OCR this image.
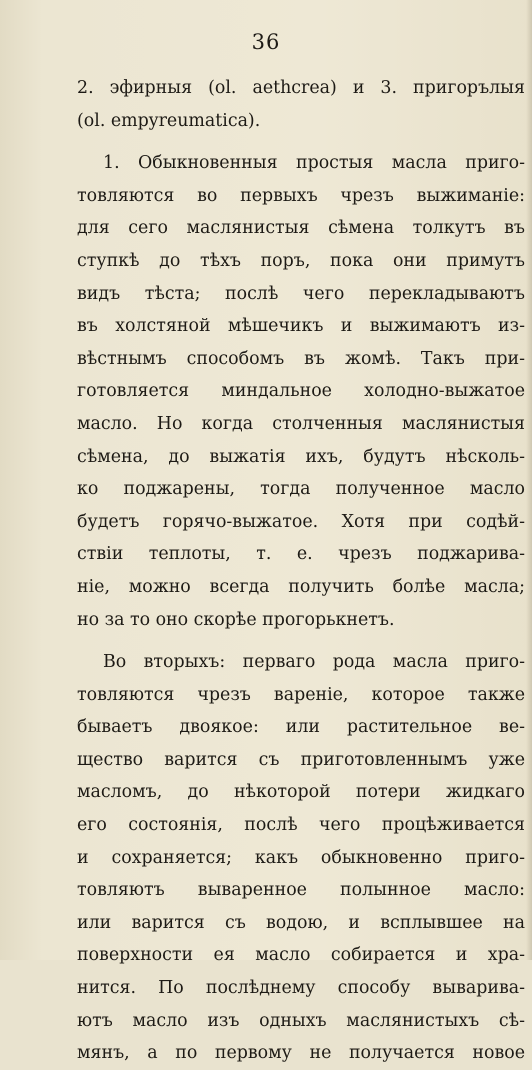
36
2. эфирныя (ol. aethcrea) и 3. пригорълыя
(ol. empyreumatica).
1. Обыкновенныя простыя масла приго-
товляются во первыхъ чрезъ выжиманіе:
для сего маслянистыя сѣмена толкутъ въ
ступкѣ до тѣхъ поръ, пока они примутъ
видъ тѣста; послѣ чего перекладываютъ
въ холстяной мѣшечикъ и выжимаютъ из-
вѣстнымъ способомъ въ жомѣ. Такъ при-
готовляется миндальное холодно-выжатое
масло. Но когда столченныя маслянистыя
сѣмена, до выжатія ихъ, будутъ нѣсколь-
ко поджарены, тогда полученное масло
будетъ горячо-выжатое. Хотя при содѣй-
ствіи теплоты, т. е. чрезъ поджарива-
ніе, можно всегда получить болѣе масла;
но за то оно скорѣе прогорькнетъ.
Во вторыхъ: перваго рода масла приго-
товляются чрезъ вареніе, которое также
бываетъ двоякое: или растительное ве-
щество варится съ приготовленнымъ уже
масломъ, до нѣкоторой потери жидкаго
его состоянія, послѣ чего процѣживается
и сохраняется; какъ обыкновенно приго-
товляютъ вываренное полынное масло:
или варится съ водою, и всплывшее на
поверхности ея масло собирается и хра-
нится. По послѣднему способу выварива-
ютъ масло изъ одныхъ маслянистыхъ сѣ-
мянъ, а по первому не получается новое
